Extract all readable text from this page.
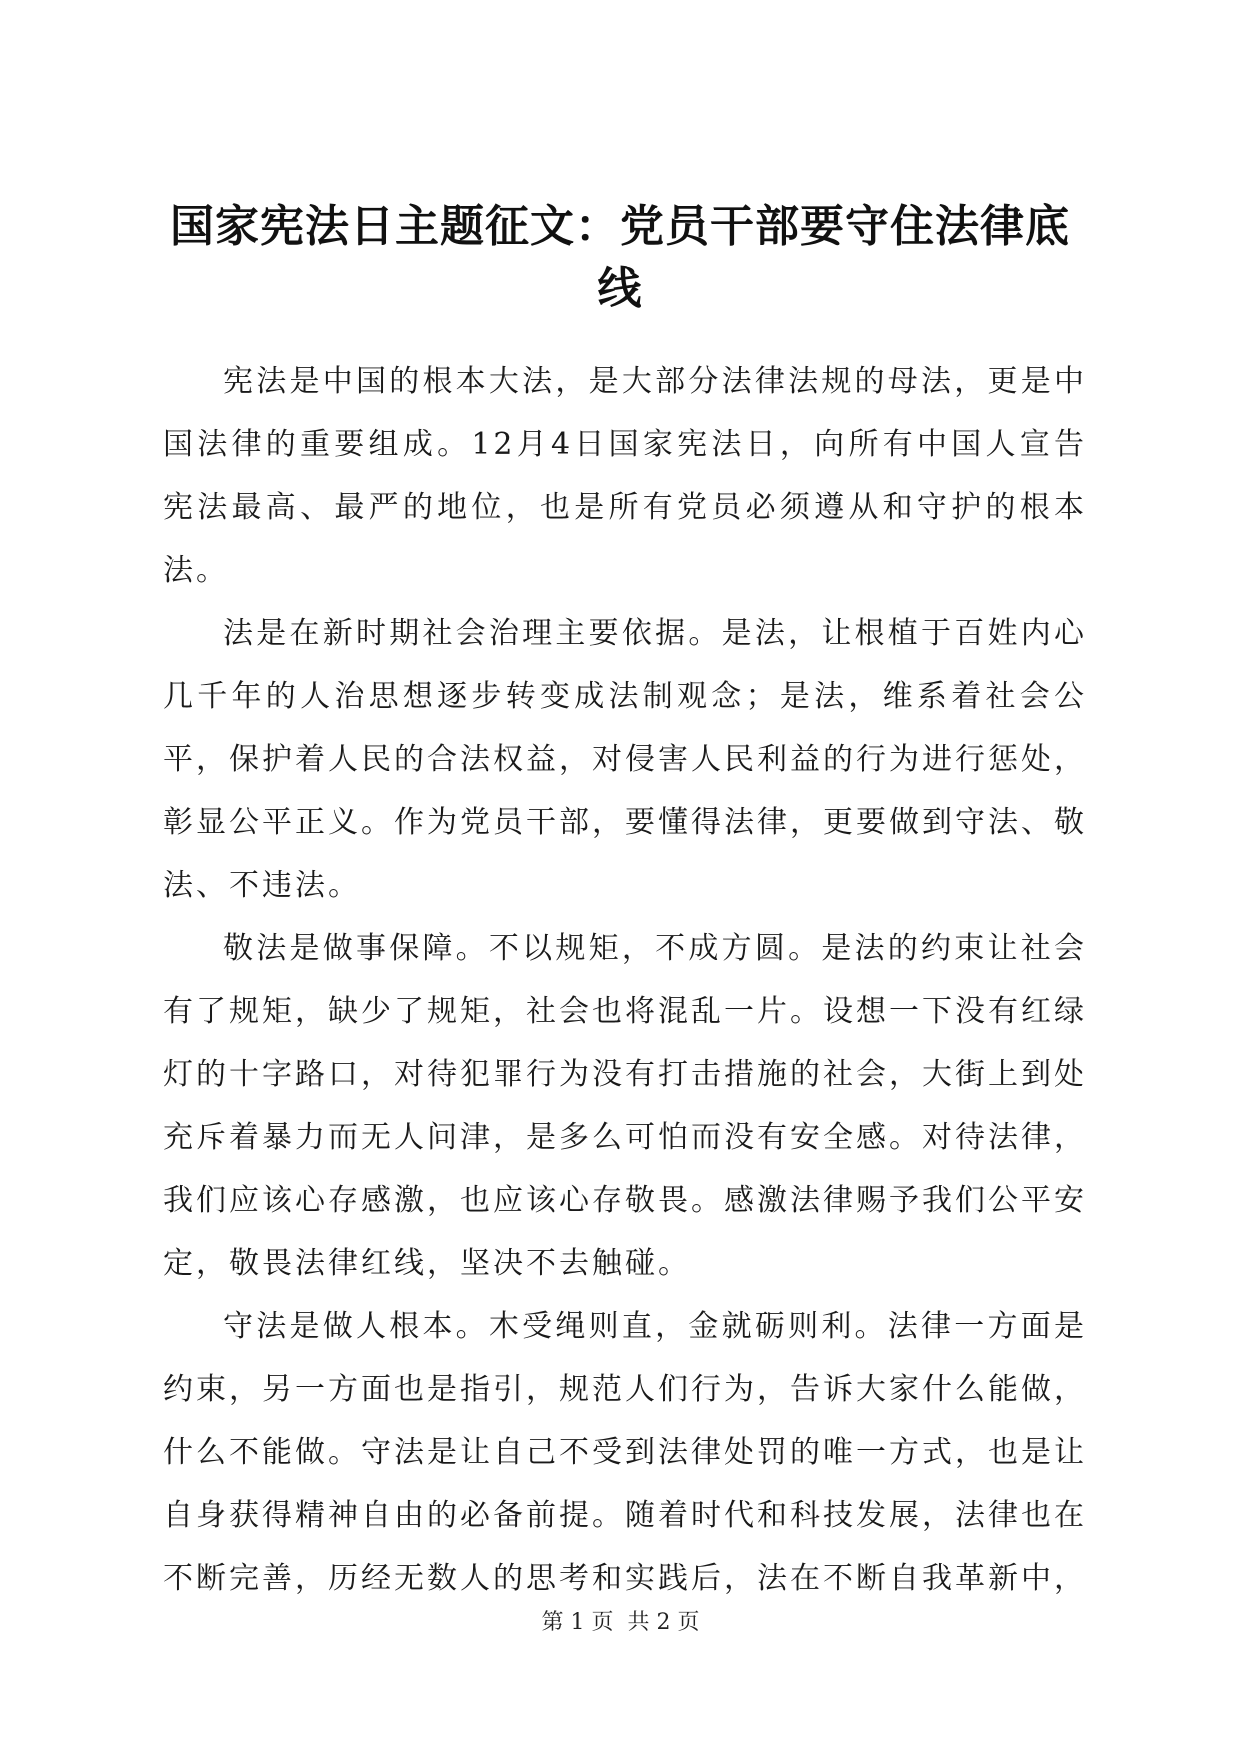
国家宪法日主题征文：党员干部要守住法律底线

宪法是中国的根本大法，是大部分法律法规的母法，更是中国法律的重要组成。12月4日国家宪法日，向所有中国人宣告宪法最高、最严的地位，也是所有党员必须遵从和守护的根本法。

法是在新时期社会治理主要依据。是法，让根植于百姓内心几千年的人治思想逐步转变成法制观念；是法，维系着社会公平，保护着人民的合法权益，对侵害人民利益的行为进行惩处，彰显公平正义。作为党员干部，要懂得法律，更要做到守法、敬法、不违法。

敬法是做事保障。不以规矩，不成方圆。是法的约束让社会有了规矩，缺少了规矩，社会也将混乱一片。设想一下没有红绿灯的十字路口，对待犯罪行为没有打击措施的社会，大街上到处充斥着暴力而无人问津，是多么可怕而没有安全感。对待法律，我们应该心存感激，也应该心存敬畏。感激法律赐予我们公平安定，敬畏法律红线，坚决不去触碰。

守法是做人根本。木受绳则直，金就砺则利。法律一方面是约束，另一方面也是指引，规范人们行为，告诉大家什么能做，什么不能做。守法是让自己不受到法律处罚的唯一方式，也是让自身获得精神自由的必备前提。随着时代和科技发展，法律也在不断完善，历经无数人的思考和实践后，法在不断自我革新中，

第 1 页 共 2 页
